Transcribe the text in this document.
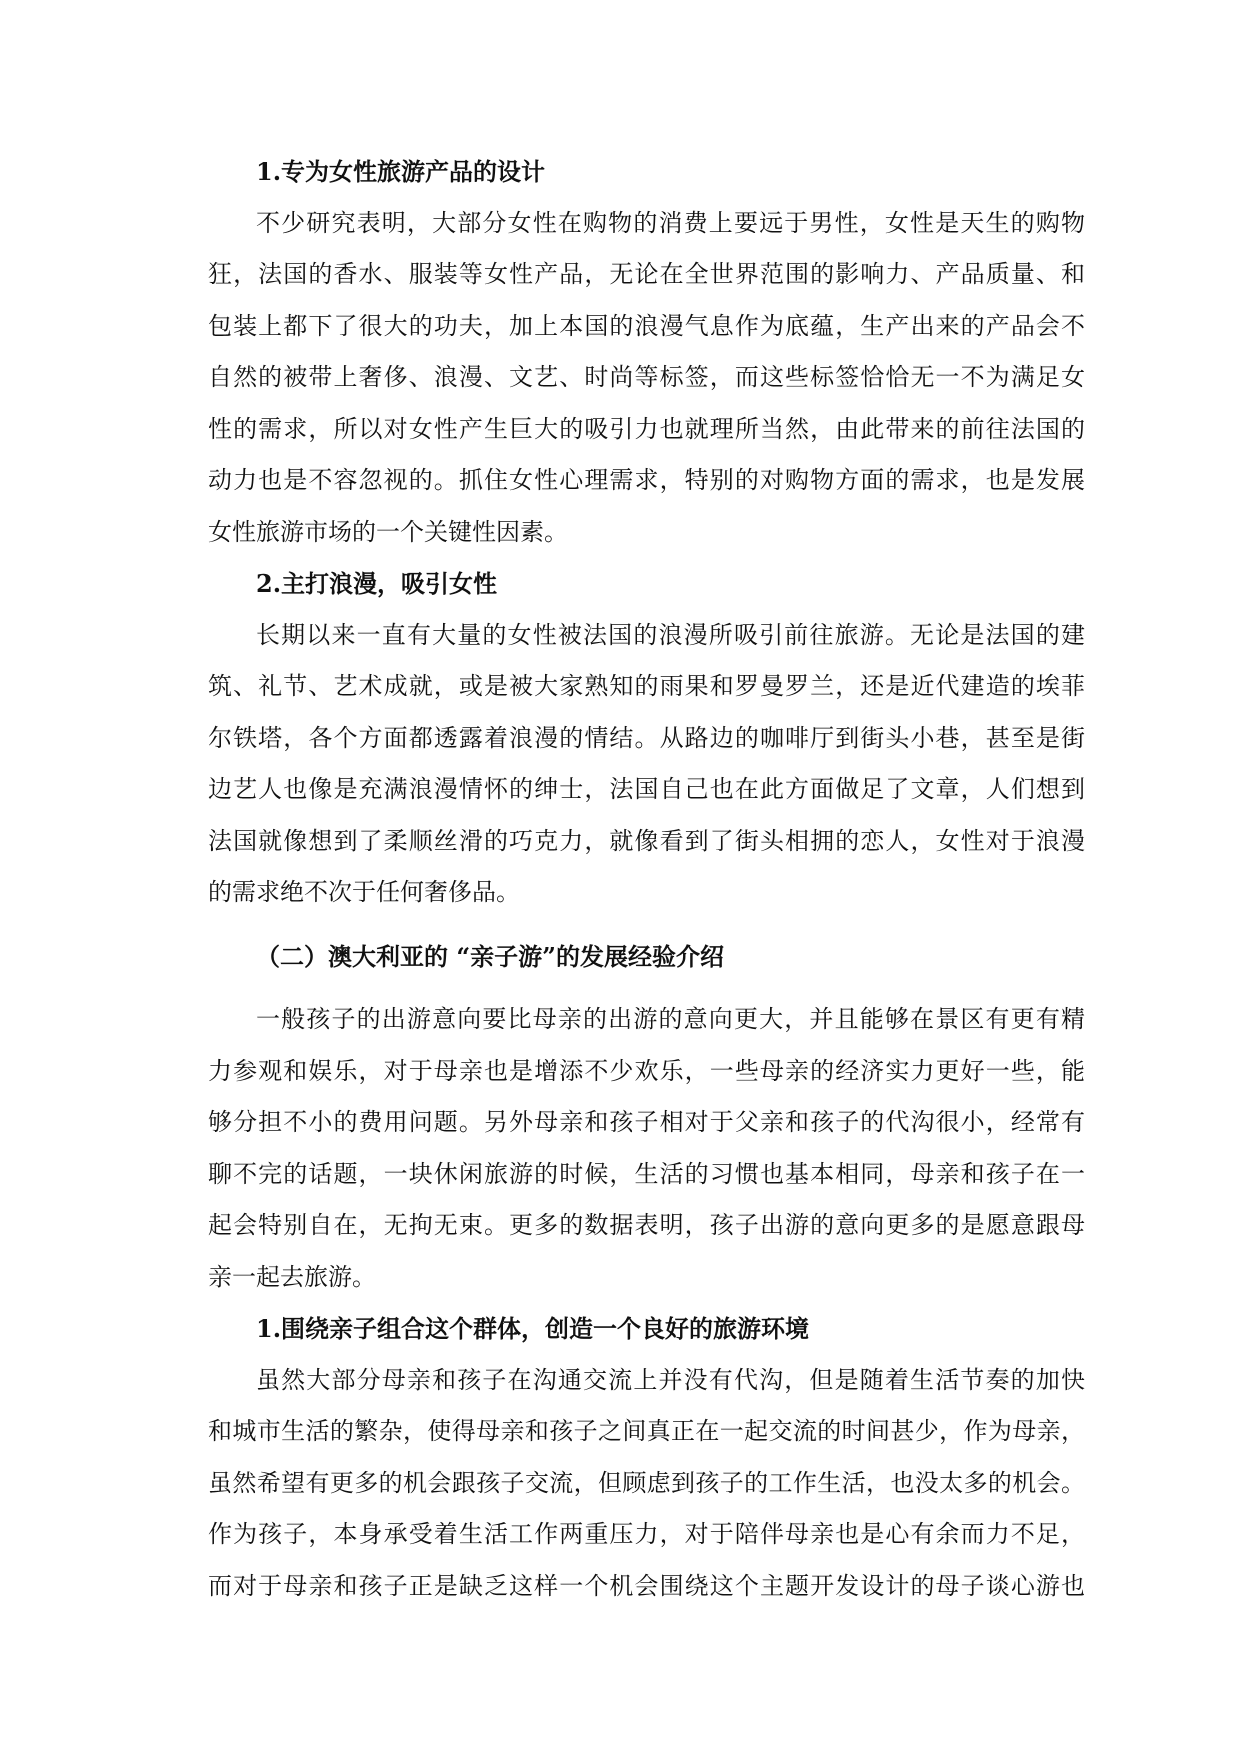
1.专为女性旅游产品的设计
不少研究表明，大部分女性在购物的消费上要远于男性，女性是天生的购物
狂，法国的香水、服装等女性产品，无论在全世界范围的影响力、产品质量、和
包装上都下了很大的功夫，加上本国的浪漫气息作为底蕴，生产出来的产品会不
自然的被带上奢侈、浪漫、文艺、时尚等标签，而这些标签恰恰无一不为满足女
性的需求，所以对女性产生巨大的吸引力也就理所当然，由此带来的前往法国的
动力也是不容忽视的。抓住女性心理需求，特别的对购物方面的需求，也是发展
女性旅游市场的一个关键性因素。
2.主打浪漫，吸引女性
长期以来一直有大量的女性被法国的浪漫所吸引前往旅游。无论是法国的建
筑、礼节、艺术成就，或是被大家熟知的雨果和罗曼罗兰，还是近代建造的埃菲
尔铁塔，各个方面都透露着浪漫的情结。从路边的咖啡厅到街头小巷，甚至是街
边艺人也像是充满浪漫情怀的绅士，法国自己也在此方面做足了文章，人们想到
法国就像想到了柔顺丝滑的巧克力，就像看到了街头相拥的恋人，女性对于浪漫
的需求绝不次于任何奢侈品。
（二）澳大利亚的 “亲子游”的发展经验介绍
一般孩子的出游意向要比母亲的出游的意向更大，并且能够在景区有更有精
力参观和娱乐，对于母亲也是增添不少欢乐，一些母亲的经济实力更好一些，能
够分担不小的费用问题。另外母亲和孩子相对于父亲和孩子的代沟很小，经常有
聊不完的话题，一块休闲旅游的时候，生活的习惯也基本相同，母亲和孩子在一
起会特别自在，无拘无束。更多的数据表明，孩子出游的意向更多的是愿意跟母
亲一起去旅游。
1.围绕亲子组合这个群体，创造一个良好的旅游环境
虽然大部分母亲和孩子在沟通交流上并没有代沟，但是随着生活节奏的加快
和城市生活的繁杂，使得母亲和孩子之间真正在一起交流的时间甚少，作为母亲，
虽然希望有更多的机会跟孩子交流，但顾虑到孩子的工作生活，也没太多的机会。
作为孩子，本身承受着生活工作两重压力，对于陪伴母亲也是心有余而力不足，
而对于母亲和孩子正是缺乏这样一个机会围绕这个主题开发设计的母子谈心游也
